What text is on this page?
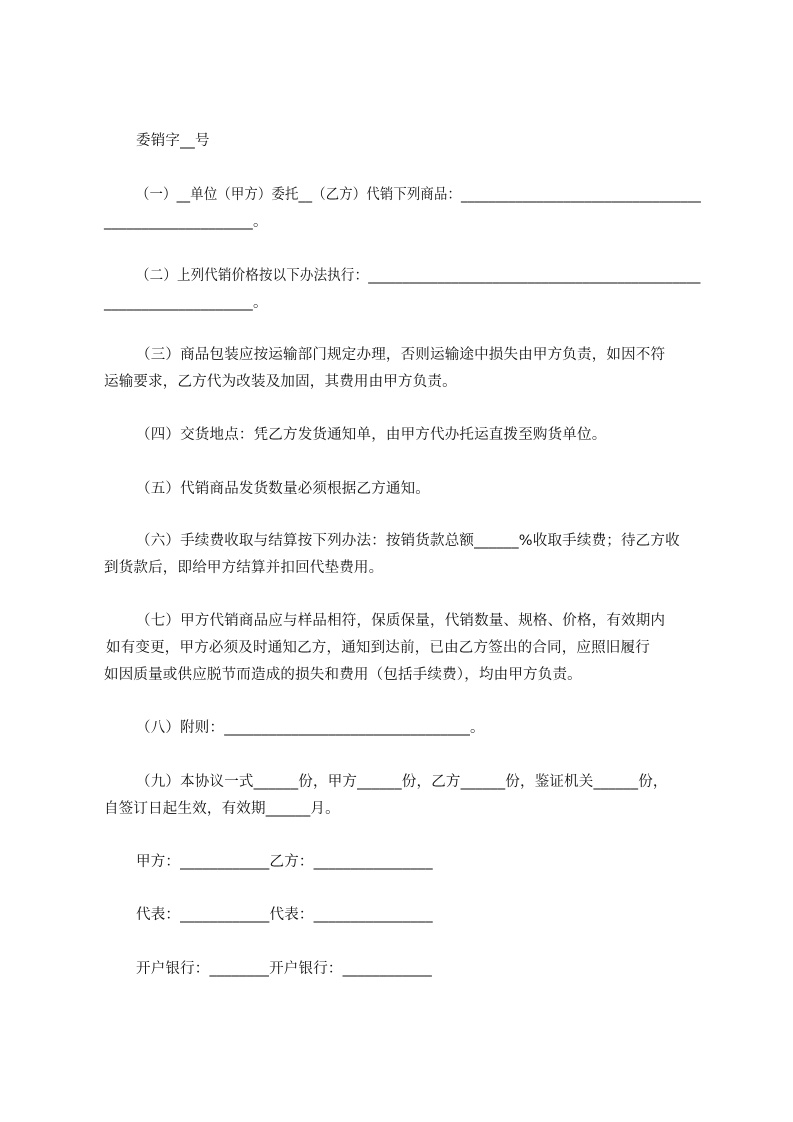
委销字__号
（一）__单位（甲方）委托__（乙方）代销下列商品：___________________________________
____________________。
（二）上列代销价格按以下办法执行：________________________________________________
____________________。
（三）商品包装应按运输部门规定办理，否则运输途中损失由甲方负责，如因不符
运输要求，乙方代为改装及加固，其费用由甲方负责。
（四）交货地点：凭乙方发货通知单，由甲方代办托运直拨至购货单位。
（五）代销商品发货数量必须根据乙方通知。
（六）手续费收取与结算按下列办法：按销货款总额______%收取手续费；待乙方收
到货款后，即给甲方结算并扣回代垫费用。
（七）甲方代销商品应与样品相符，保质保量，代销数量、规格、价格，有效期内
如有变更，甲方必须及时通知乙方，通知到达前，已由乙方签出的合同，应照旧履行
如因质量或供应脱节而造成的损失和费用（包括手续费），均由甲方负责。
（八）附则：_________________________________。
（九）本协议一式______份，甲方______份，乙方______份，鉴证机关______份，
自签订日起生效，有效期______月。
甲方：____________乙方：________________
代表：____________代表：________________
开户银行：________开户银行：____________
